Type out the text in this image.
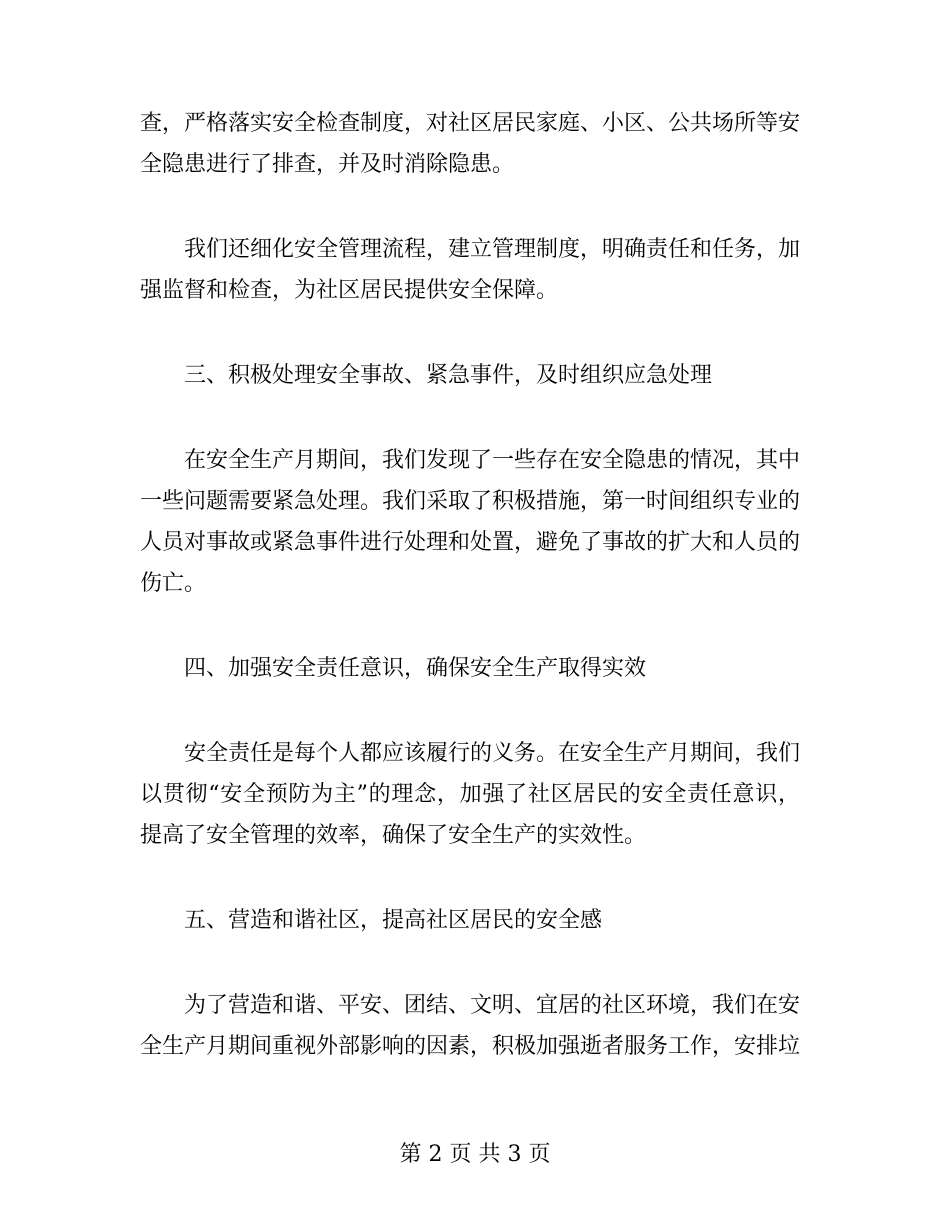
查，严格落实安全检查制度，对社区居民家庭、小区、公共场所等安全隐患进行了排查，并及时消除隐患。

我们还细化安全管理流程，建立管理制度，明确责任和任务，加强监督和检查，为社区居民提供安全保障。

三、积极处理安全事故、紧急事件，及时组织应急处理

在安全生产月期间，我们发现了一些存在安全隐患的情况，其中一些问题需要紧急处理。我们采取了积极措施，第一时间组织专业的人员对事故或紧急事件进行处理和处置，避免了事故的扩大和人员的伤亡。

四、加强安全责任意识，确保安全生产取得实效

安全责任是每个人都应该履行的义务。在安全生产月期间，我们以贯彻“安全预防为主”的理念，加强了社区居民的安全责任意识，提高了安全管理的效率，确保了安全生产的实效性。

五、营造和谐社区，提高社区居民的安全感

为了营造和谐、平安、团结、文明、宜居的社区环境，我们在安全生产月期间重视外部影响的因素，积极加强逝者服务工作，安排垃

第 2 页 共 3 页
